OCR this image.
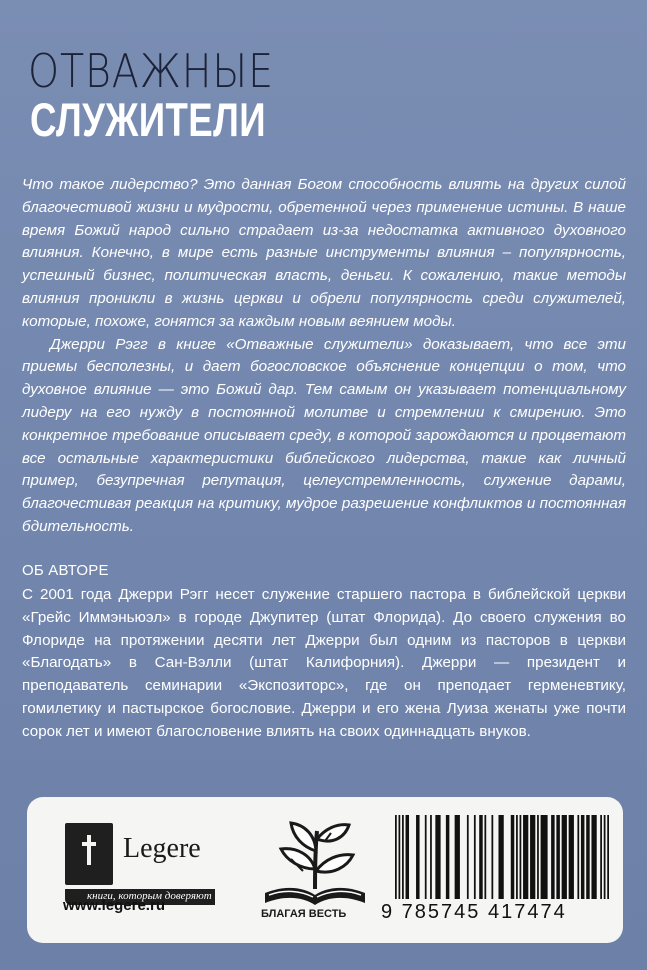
ОТВАЖНЫЕ
СЛУЖИТЕЛИ

Что такое лидерство? Это данная Богом способность влиять на других силой благочестивой жизни и мудрости, обретенной через применение истины. В наше время Божий народ сильно страдает из-за недостатка активного духовного влияния. Конечно, в мире есть разные инструменты влияния – популярность, успешный бизнес, политическая власть, деньги. К сожалению, такие методы влияния проникли в жизнь церкви и обрели популярность среди служителей, которые, похоже, гонятся за каждым новым веянием моды.

Джерри Рэгг в книге «Отважные служители» доказывает, что все эти приемы бесполезны, и дает богословское объяснение концепции о том, что духовное влияние — это Божий дар. Тем самым он указывает потенциальному лидеру на его нужду в постоянной молитве и стремлении к смирению. Это конкретное требование описывает среду, в которой зарождаются и процветают все остальные характеристики библейского лидерства, такие как личный пример, безупречная репутация, целеустремленность, служение дарами, благочестивая реакция на критику, мудрое разрешение конфликтов и постоянная бдительность.

ОБ АВТОРЕ

С 2001 года Джерри Рэгг несет служение старшего пастора в библейской церкви «Грейс Иммэньюэл» в городе Джупитер (штат Флорида). До своего служения во Флориде на протяжении десяти лет Джерри был одним из пасторов в церкви «Благодать» в Сан-Вэлли (штат Калифорния). Джерри — президент и преподаватель семинарии «Экспозиторс», где он преподает герменевтику, гомилетику и пастырское богословие. Джерри и его жена Луиза женаты уже почти сорок лет и имеют благословение влиять на своих одиннадцать внуков.

Legere
книги, которым доверяют
www.legere.ru	БЛАГАЯ ВЕСТЬ 9 785745 417474
